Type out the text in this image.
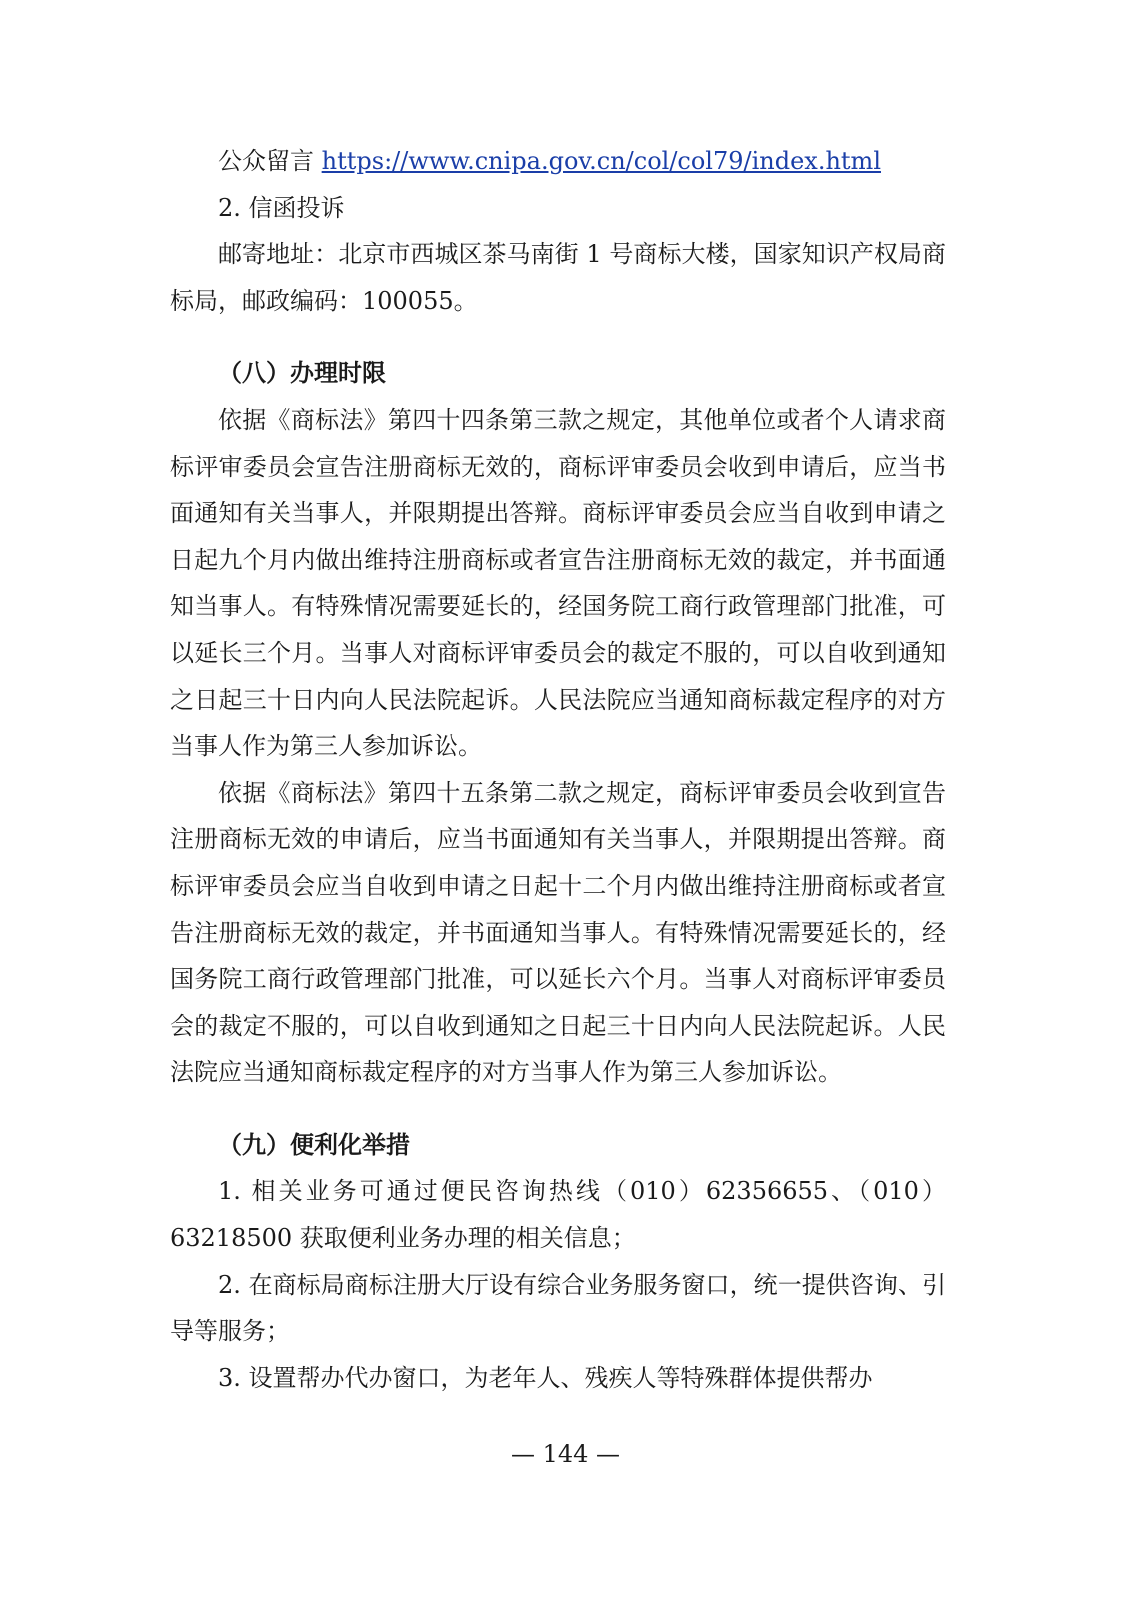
公众留言 https://www.cnipa.gov.cn/col/col79/index.html

2. 信函投诉

邮寄地址：北京市西城区茶马南街 1 号商标大楼，国家知识产权局商标局，邮政编码：100055。

（八）办理时限

依据《商标法》第四十四条第三款之规定，其他单位或者个人请求商标评审委员会宣告注册商标无效的，商标评审委员会收到申请后，应当书面通知有关当事人，并限期提出答辩。商标评审委员会应当自收到申请之日起九个月内做出维持注册商标或者宣告注册商标无效的裁定，并书面通知当事人。有特殊情况需要延长的，经国务院工商行政管理部门批准，可以延长三个月。当事人对商标评审委员会的裁定不服的，可以自收到通知之日起三十日内向人民法院起诉。人民法院应当通知商标裁定程序的对方当事人作为第三人参加诉讼。

依据《商标法》第四十五条第二款之规定，商标评审委员会收到宣告注册商标无效的申请后，应当书面通知有关当事人，并限期提出答辩。商标评审委员会应当自收到申请之日起十二个月内做出维持注册商标或者宣告注册商标无效的裁定，并书面通知当事人。有特殊情况需要延长的，经国务院工商行政管理部门批准，可以延长六个月。当事人对商标评审委员会的裁定不服的，可以自收到通知之日起三十日内向人民法院起诉。人民法院应当通知商标裁定程序的对方当事人作为第三人参加诉讼。

（九）便利化举措

1. 相关业务可通过便民咨询热线（010）62356655、（010）63218500 获取便利业务办理的相关信息；

2. 在商标局商标注册大厅设有综合业务服务窗口，统一提供咨询、引导等服务；

3. 设置帮办代办窗口，为老年人、残疾人等特殊群体提供帮办

— 144 —
